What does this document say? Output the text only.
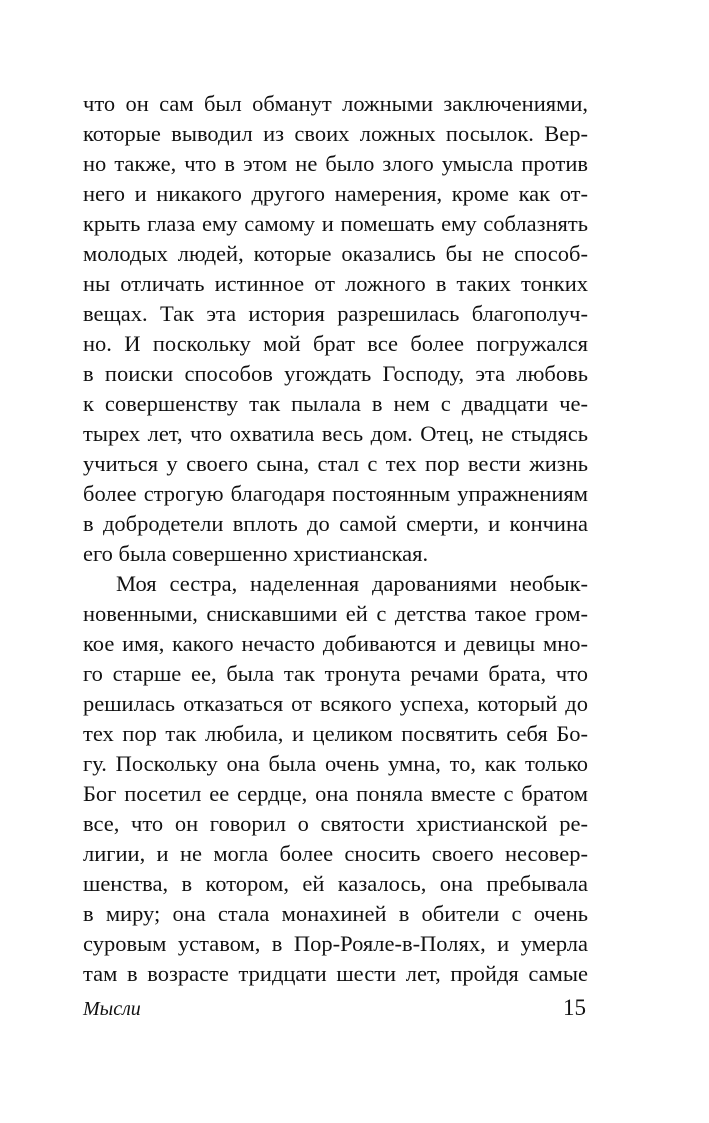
что он сам был обманут ложными заключениями,
которые выводил из своих ложных посылок. Вер-
но также, что в этом не было злого умысла против
него и никакого другого намерения, кроме как от-
крыть глаза ему самому и помешать ему соблазнять
молодых людей, которые оказались бы не способ-
ны отличать истинное от ложного в таких тонких
вещах. Так эта история разрешилась благополуч-
но. И поскольку мой брат все более погружался
в поиски способов угождать Господу, эта любовь
к совершенству так пылала в нем с двадцати че-
тырех лет, что охватила весь дом. Отец, не стыдясь
учиться у своего сына, стал с тех пор вести жизнь
более строгую благодаря постоянным упражнениям
в добродетели вплоть до самой смерти, и кончина
его была совершенно христианская.
Моя сестра, наделенная дарованиями необык-
новенными, снискавшими ей с детства такое гром-
кое имя, какого нечасто добиваются и девицы мно-
го старше ее, была так тронута речами брата, что
решилась отказаться от всякого успеха, который до
тех пор так любила, и целиком посвятить себя Бо-
гу. Поскольку она была очень умна, то, как только
Бог посетил ее сердце, она поняла вместе с братом
все, что он говорил о святости христианской ре-
лигии, и не могла более сносить своего несовер-
шенства, в котором, ей казалось, она пребывала
в миру; она стала монахиней в обители с очень
суровым уставом, в Пор-Рояле-в-Полях, и умерла
там в возрасте тридцати шести лет, пройдя самые
Мысли	15
